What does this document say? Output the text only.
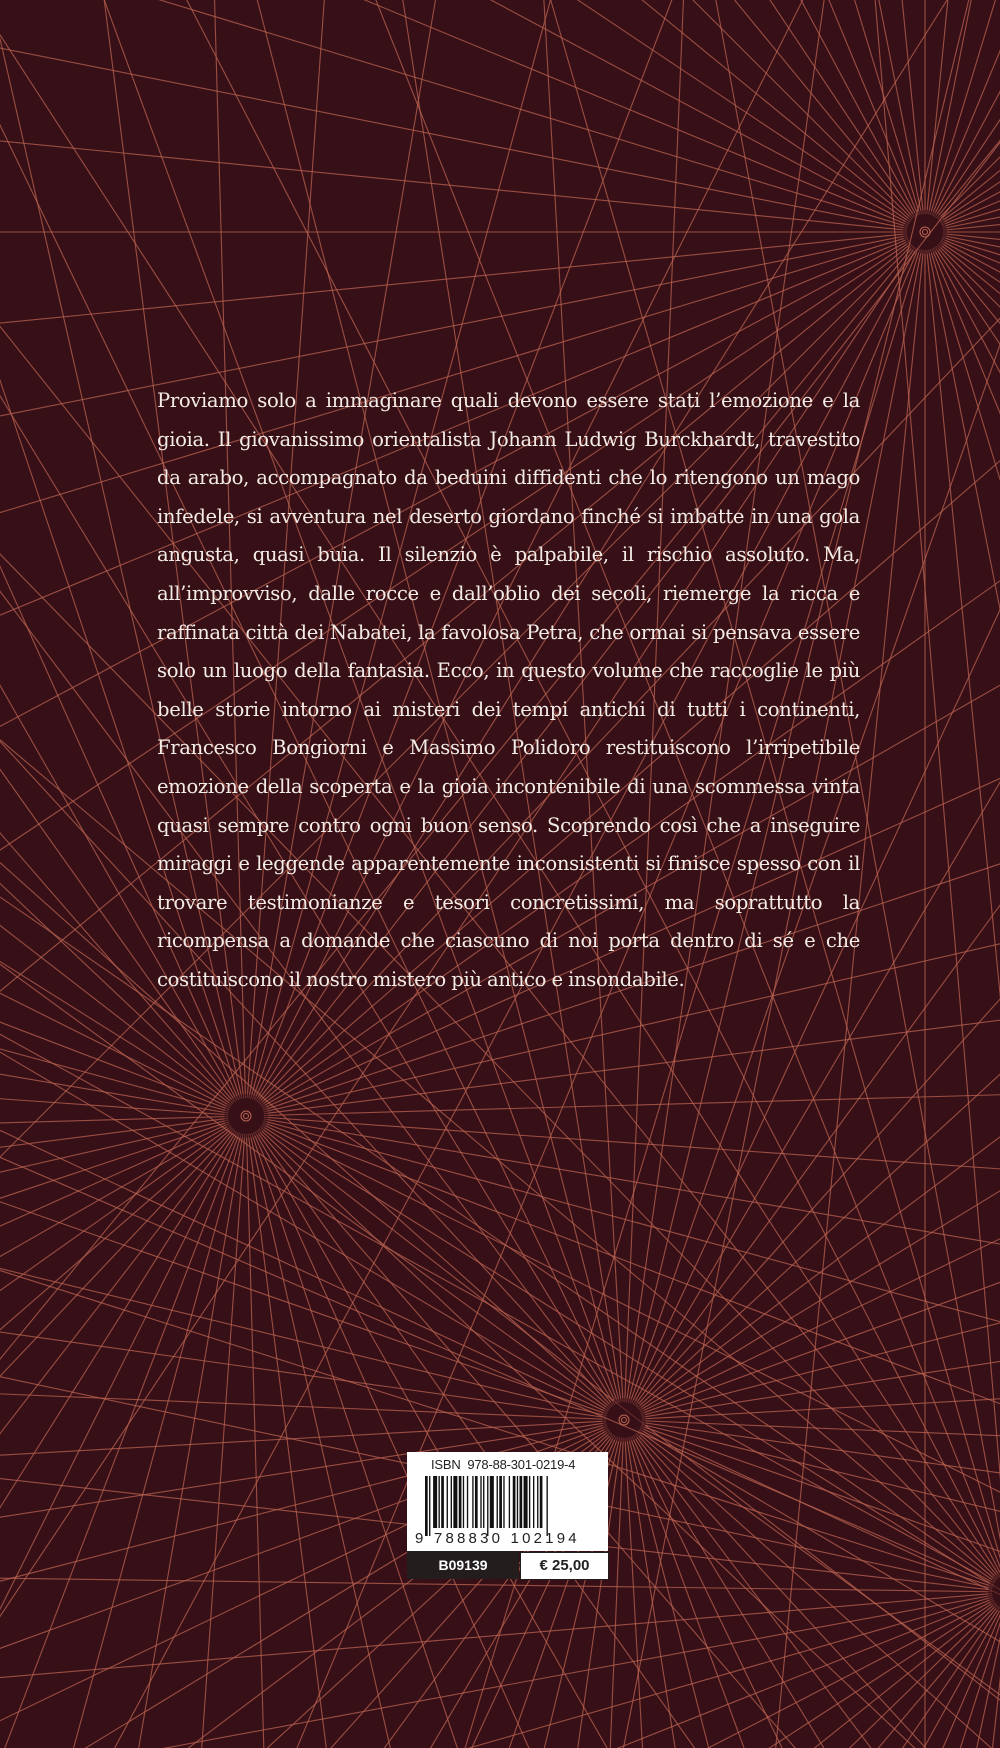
Proviamo solo a immaginare quali devono essere stati l’emozione e la gioia. Il giovanissimo orientalista Johann Ludwig Burckhardt, travestito da arabo, accompagnato da beduini diffidenti che lo ritengono un mago infedele, si avventura nel deserto giordano finché si imbatte in una gola angusta, quasi buia. Il silenzio è palpabile, il rischio assoluto. Ma, all’improvviso, dalle rocce e dall’oblio dei secoli, riemerge la ricca e raffinata città dei Nabatei, la favolosa Petra, che ormai si pensava essere solo un luogo della fantasia. Ecco, in questo volume che raccoglie le più belle storie intorno ai misteri dei tempi antichi di tutti i continenti, Francesco Bongiorni e Massimo Polidoro restituiscono l’irripetibile emozione della scoperta e la gioia incontenibile di una scommessa vinta quasi sempre contro ogni buon senso. Scoprendo così che a inseguire miraggi e leggende apparentemente inconsistenti si finisce spesso con il trovare testimonianze e tesori concretissimi, ma soprattutto la ricompensa a domande che ciascuno di noi porta dentro di sé e che costituiscono il nostro mistero più antico e insondabile.

ISBN  978-88-301-0219-4
9 788830 102194
B09139	€ 25,00
